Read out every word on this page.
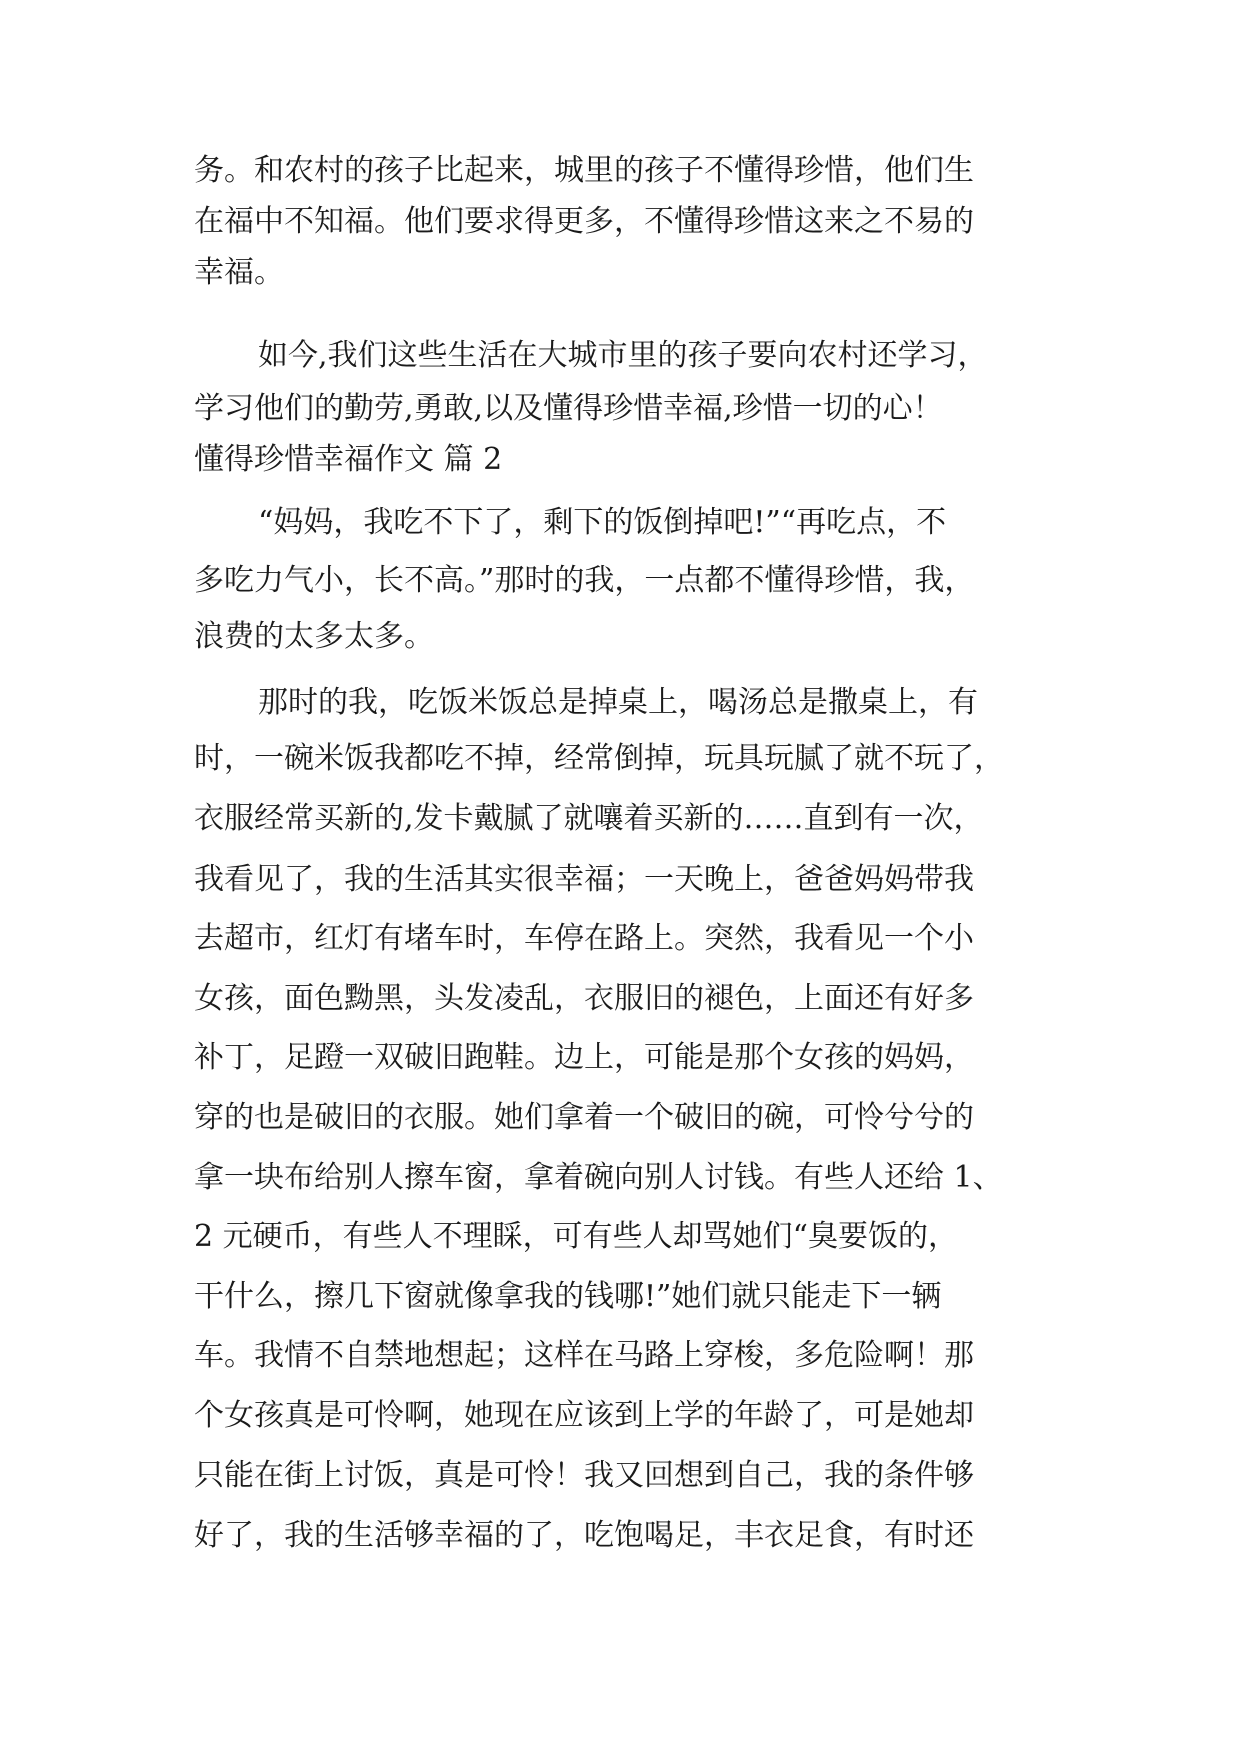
务。和农村的孩子比起来，城里的孩子不懂得珍惜，他们生
在福中不知福。他们要求得更多，不懂得珍惜这来之不易的
幸福。
如今,我们这些生活在大城市里的孩子要向农村还学习，
学习他们的勤劳,勇敢,以及懂得珍惜幸福,珍惜一切的心！
懂得珍惜幸福作文 篇 2
“妈妈，我吃不下了，剩下的饭倒掉吧!”“再吃点，不
多吃力气小，长不高。”那时的我，一点都不懂得珍惜，我，
浪费的太多太多。
那时的我，吃饭米饭总是掉桌上，喝汤总是撒桌上，有
时，一碗米饭我都吃不掉，经常倒掉，玩具玩腻了就不玩了，
衣服经常买新的,发卡戴腻了就嚷着买新的……直到有一次，
我看见了，我的生活其实很幸福；一天晚上，爸爸妈妈带我
去超市，红灯有堵车时，车停在路上。突然，我看见一个小
女孩，面色黝黑，头发凌乱，衣服旧的褪色，上面还有好多
补丁，足蹬一双破旧跑鞋。边上，可能是那个女孩的妈妈，
穿的也是破旧的衣服。她们拿着一个破旧的碗，可怜兮兮的
拿一块布给别人擦车窗，拿着碗向别人讨钱。有些人还给 1、
2 元硬币，有些人不理睬，可有些人却骂她们“臭要饭的，
干什么，擦几下窗就像拿我的钱哪!”她们就只能走下一辆
车。我情不自禁地想起；这样在马路上穿梭，多危险啊！那
个女孩真是可怜啊，她现在应该到上学的年龄了，可是她却
只能在街上讨饭，真是可怜！我又回想到自己，我的条件够
好了，我的生活够幸福的了，吃饱喝足，丰衣足食，有时还
